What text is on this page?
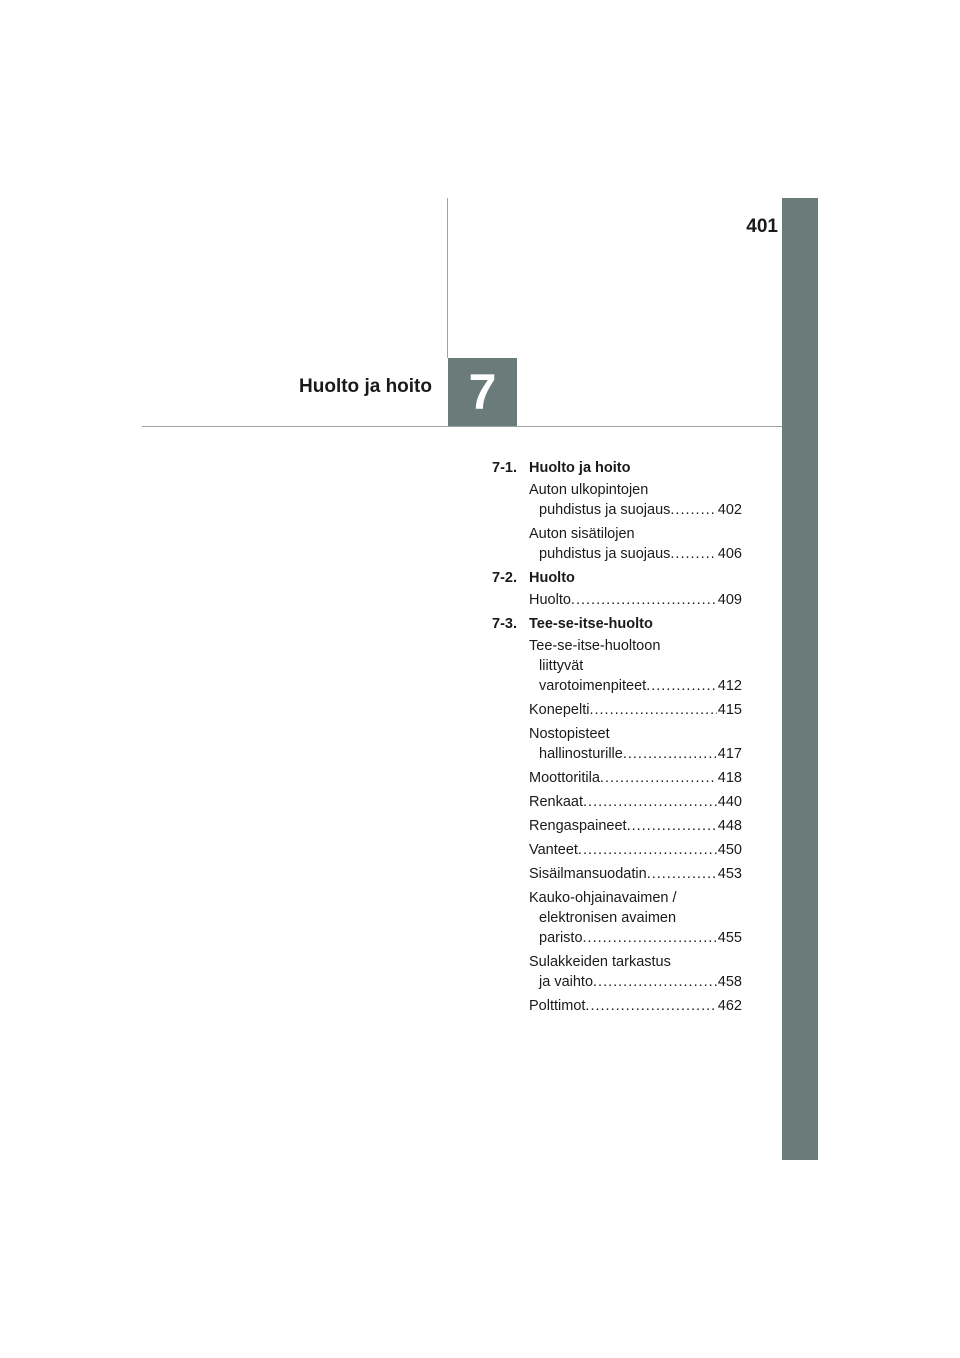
401
Huolto ja hoito 7
7-1. Huolto ja hoito
Auton ulkopintojen
puhdistus ja suojaus .....	402
Auton sisätilojen
puhdistus ja suojaus .....	406
7-2. Huolto
Huolto .....	409
7-3. Tee-se-itse-huolto
Tee-se-itse-huoltoon
liittyvät
varotoimenpiteet .....	412
Konepelti .....	415
Nostopisteet
hallinosturille .....	417
Moottoritila .....	418
Renkaat .....	440
Rengaspaineet .....	448
Vanteet .....	450
Sisäilmansuodatin .....	453
Kauko-ohjainavaimen /
elektronisen avaimen
paristo .....	455
Sulakkeiden tarkastus
ja vaihto .....	458
Polttimot .....	462
